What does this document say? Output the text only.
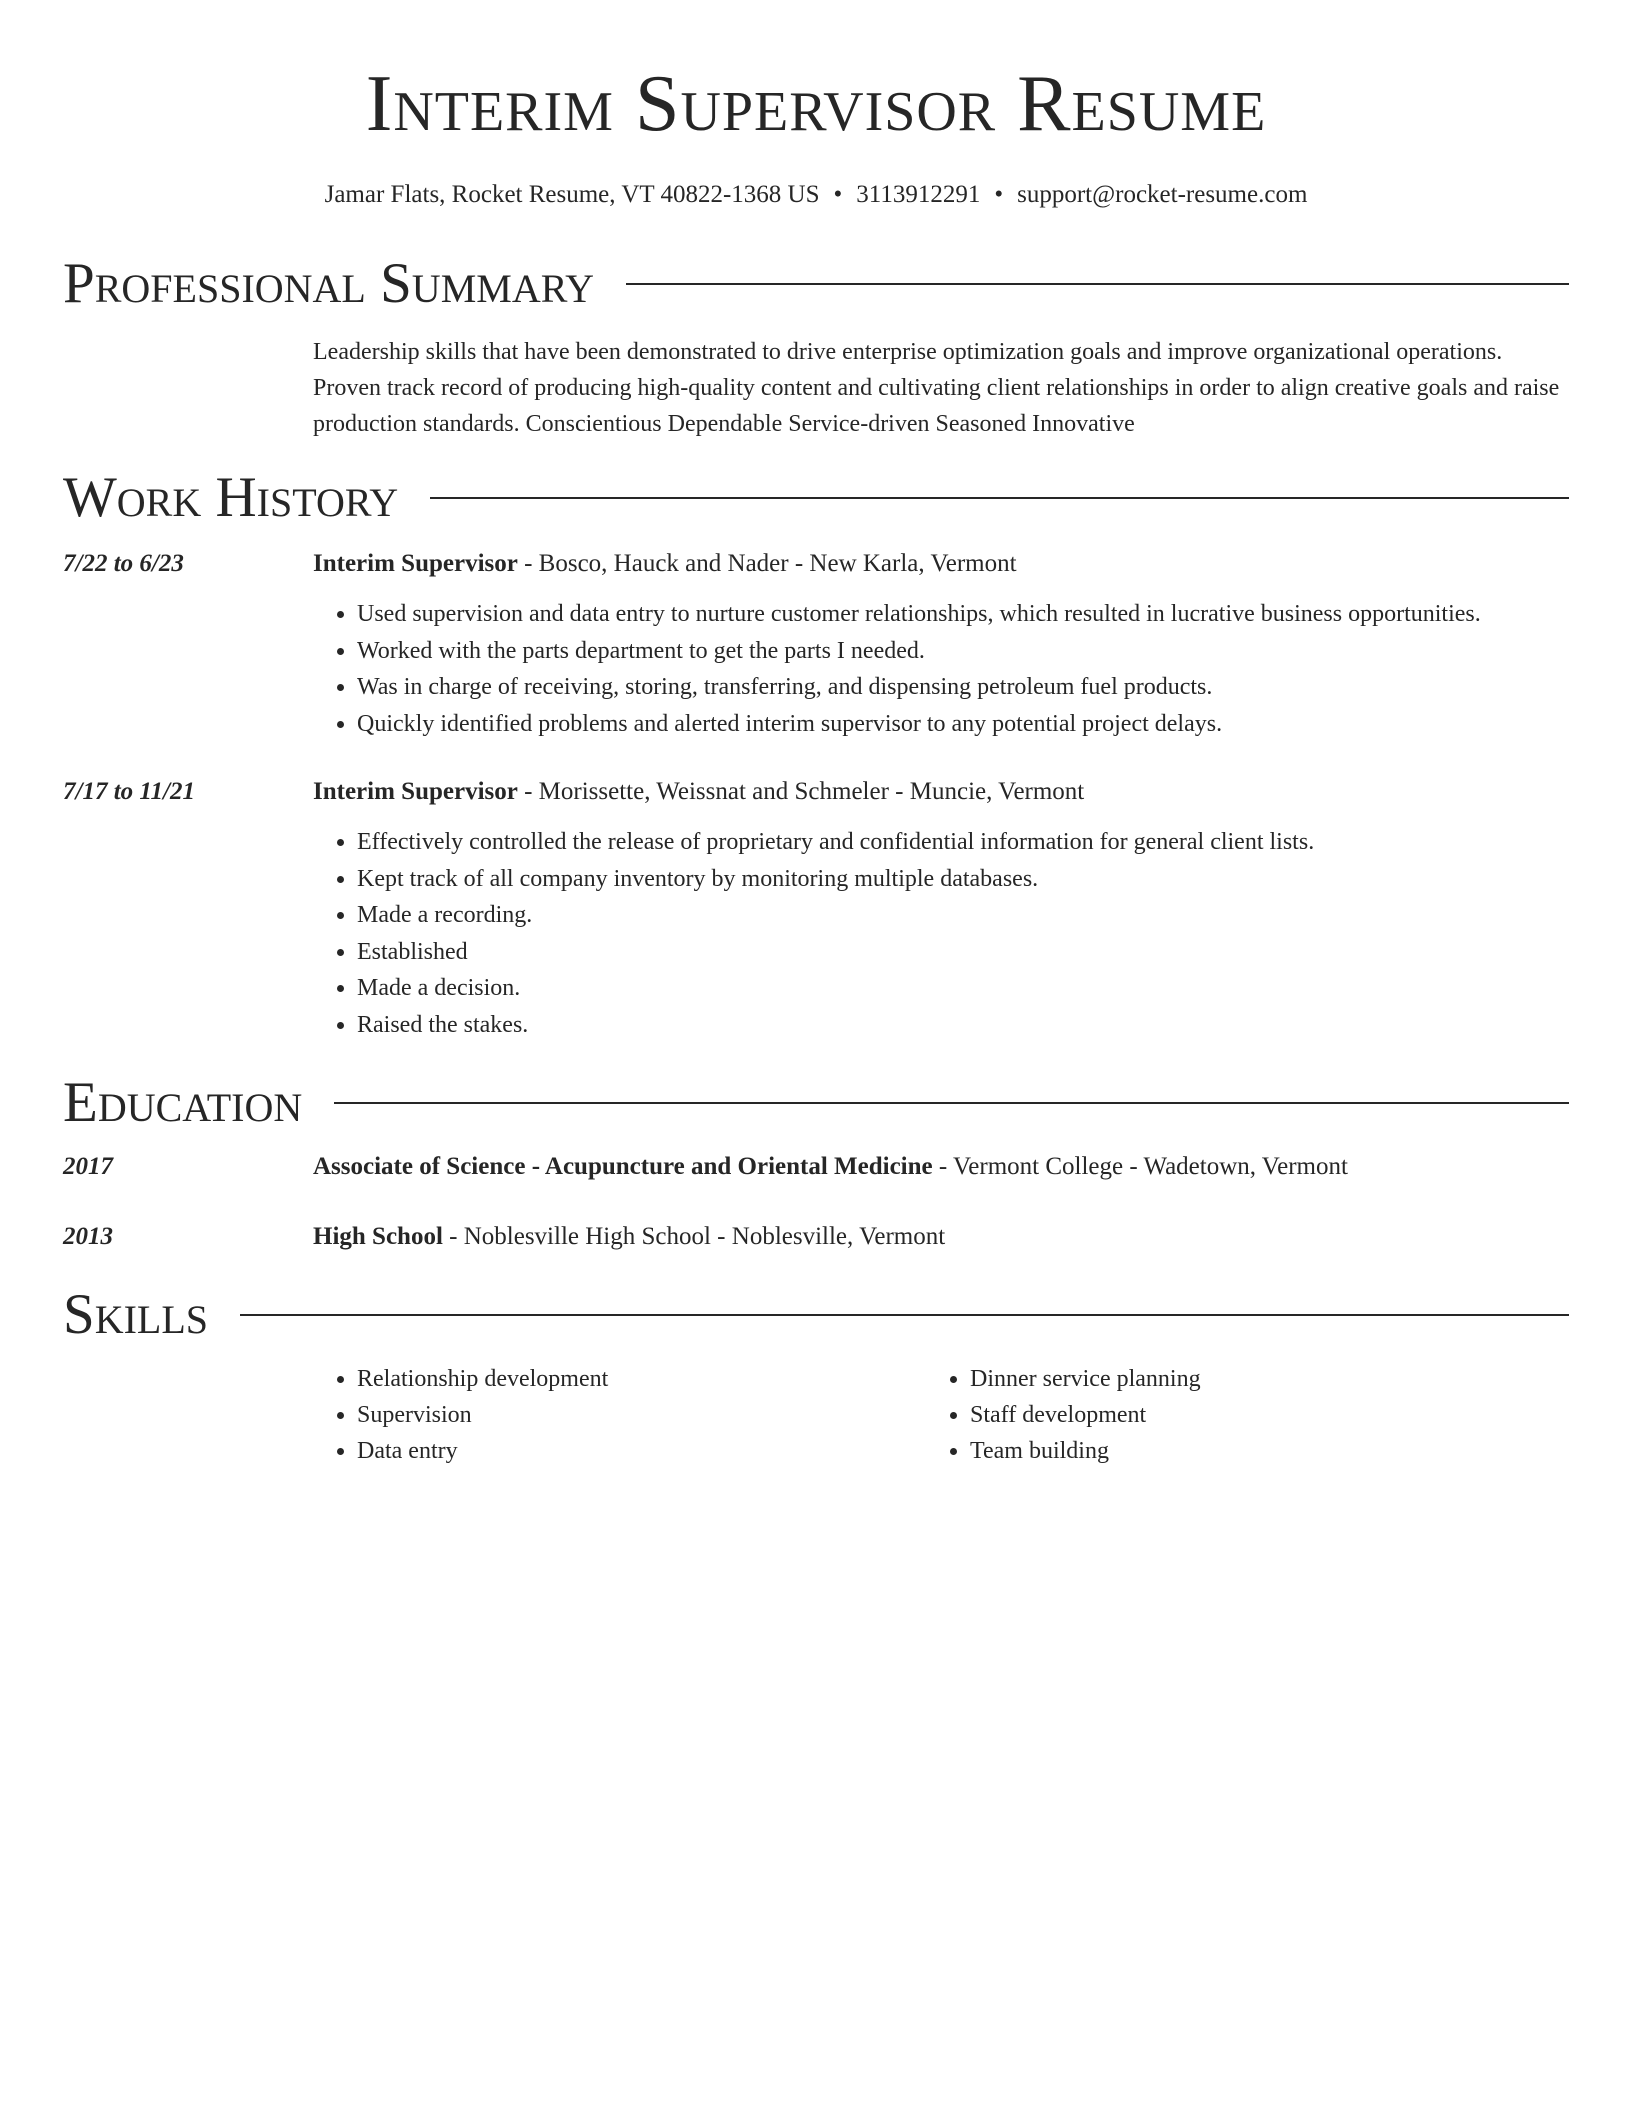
Interim Supervisor Resume
Jamar Flats, Rocket Resume, VT 40822-1368 US • 3113912291 • support@rocket-resume.com
Professional Summary
Leadership skills that have been demonstrated to drive enterprise optimization goals and improve organizational operations. Proven track record of producing high-quality content and cultivating client relationships in order to align creative goals and raise production standards. Conscientious Dependable Service-driven Seasoned Innovative
Work History
7/22 to 6/23	Interim Supervisor - Bosco, Hauck and Nader - New Karla, Vermont
• Used supervision and data entry to nurture customer relationships, which resulted in lucrative business opportunities.
• Worked with the parts department to get the parts I needed.
• Was in charge of receiving, storing, transferring, and dispensing petroleum fuel products.
• Quickly identified problems and alerted interim supervisor to any potential project delays.
7/17 to 11/21	Interim Supervisor - Morissette, Weissnat and Schmeler - Muncie, Vermont
• Effectively controlled the release of proprietary and confidential information for general client lists.
• Kept track of all company inventory by monitoring multiple databases.
• Made a recording.
• Established
• Made a decision.
• Raised the stakes.
Education
2017	Associate of Science - Acupuncture and Oriental Medicine - Vermont College - Wadetown, Vermont
2013	High School - Noblesville High School - Noblesville, Vermont
Skills
• Relationship development
• Supervision
• Data entry
• Dinner service planning
• Staff development
• Team building
